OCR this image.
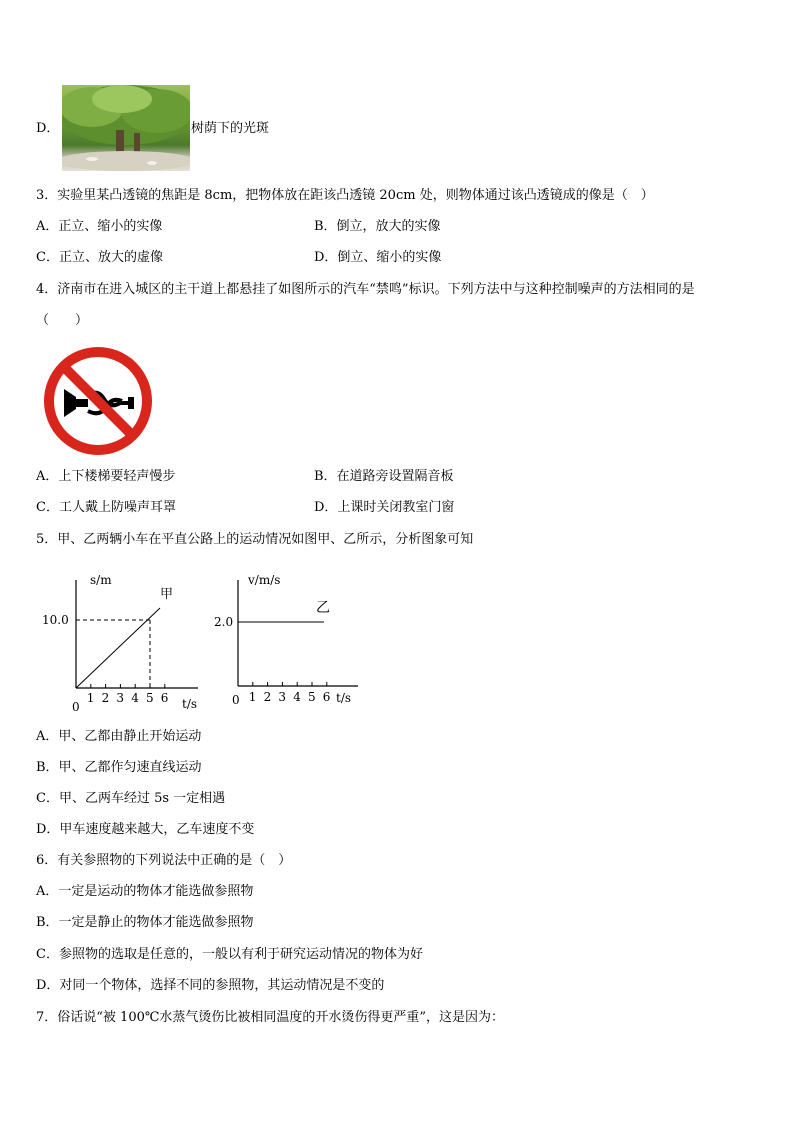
D．	树荫下的光斑
3．实验里某凸透镜的焦距是 8cm，把物体放在距该凸透镜 20cm 处，则物体通过该凸透镜成的像是（　）
A．正立、缩小的实像	B．倒立，放大的实像
C．正立、放大的虚像	D．倒立、缩小的实像
4．济南市在进入城区的主干道上都悬挂了如图所示的汽车“禁鸣”标识。下列方法中与这种控制噪声的方法相同的是
（　　）
A．上下楼梯要轻声慢步	B．在道路旁设置隔音板
C．工人戴上防噪声耳罩	D．上课时关闭教室门窗
5．甲、乙两辆小车在平直公路上的运动情况如图甲、乙所示，分析图象可知
s/m
甲
10.0
0
1 2 3 4 5 6 t/s
v/m/s
乙
2.0
0 1 2 3 4 5 6 t/s
A．甲、乙都由静止开始运动
B．甲、乙都作匀速直线运动
C．甲、乙两车经过 5s 一定相遇
D．甲车速度越来越大，乙车速度不变
6．有关参照物的下列说法中正确的是（　）
A．一定是运动的物体才能选做参照物
B．一定是静止的物体才能选做参照物
C．参照物的选取是任意的，一般以有利于研究运动情况的物体为好
D．对同一个物体，选择不同的参照物，其运动情况是不变的
7．俗话说“被 100℃水蒸气烫伤比被相同温度的开水烫伤得更严重”，这是因为：
